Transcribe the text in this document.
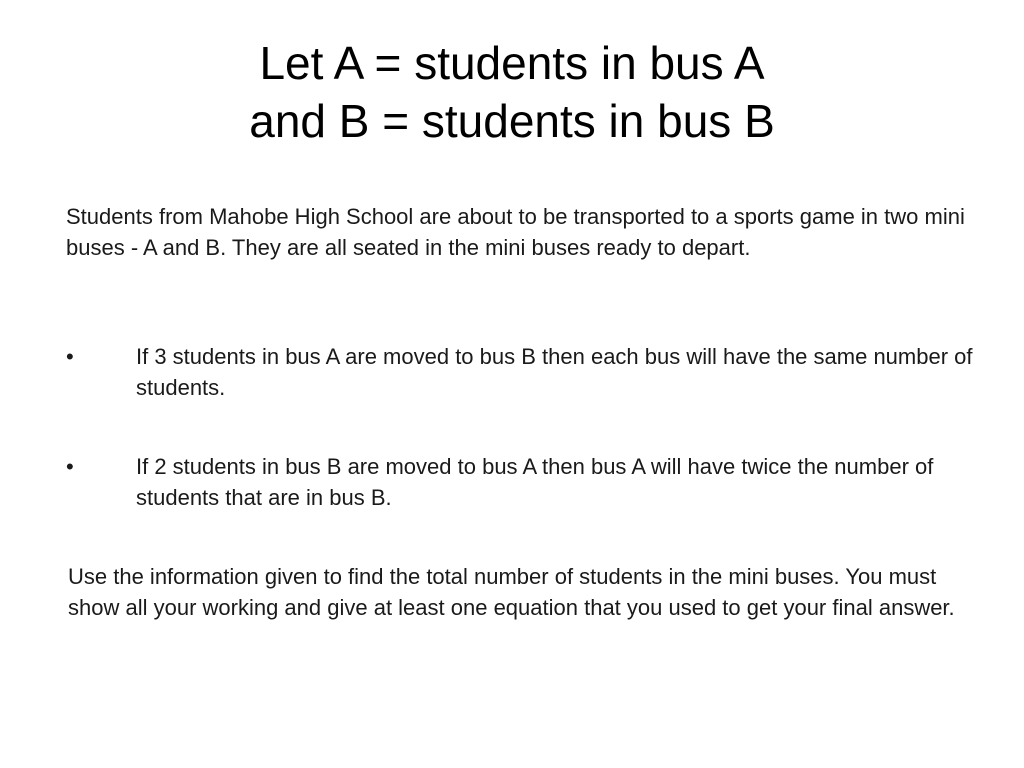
Let A = students in bus A
and B = students in bus B
Students from Mahobe High School are about to be transported to a sports game in two mini buses - A and B. They are all seated in the mini buses ready to depart.
•	If 3 students in bus A are moved to bus B then each bus will have the same number of students.
•	If 2 students in bus B are moved to bus A then bus A will have twice the number of students that are in bus B.
Use the information given to find the total number of students in the mini buses. You must show all your working and give at least one equation that you used to get your final answer.
